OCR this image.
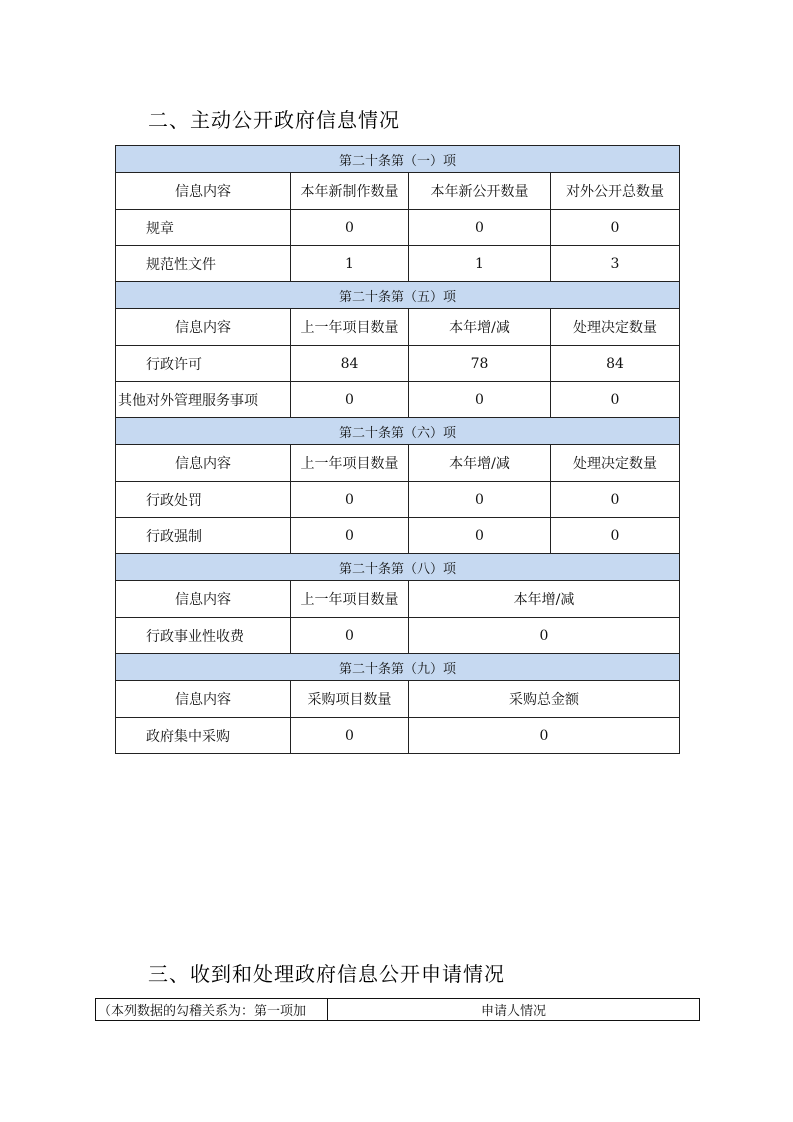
二、主动公开政府信息情况
第二十条第（一）项			
信息内容	本年新制作数量	本年新公开数量	对外公开总数量
规章	0	0	0
规范性文件	1	1	3
第二十条第（五）项			
信息内容	上一年项目数量	本年增/减	处理决定数量
行政许可	84	78	84
其他对外管理服务事项	0	0	0
第二十条第（六）项			
信息内容	上一年项目数量	本年增/减	处理决定数量
行政处罚	0	0	0
行政强制	0	0	0
第二十条第（八）项			
信息内容	上一年项目数量	本年增/减	
行政事业性收费	0	0	
第二十条第（九）项			
信息内容	采购项目数量	采购总金额	
政府集中采购	0	0	
三、收到和处理政府信息公开申请情况
（本列数据的勾稽关系为：第一项加	申请人情况
